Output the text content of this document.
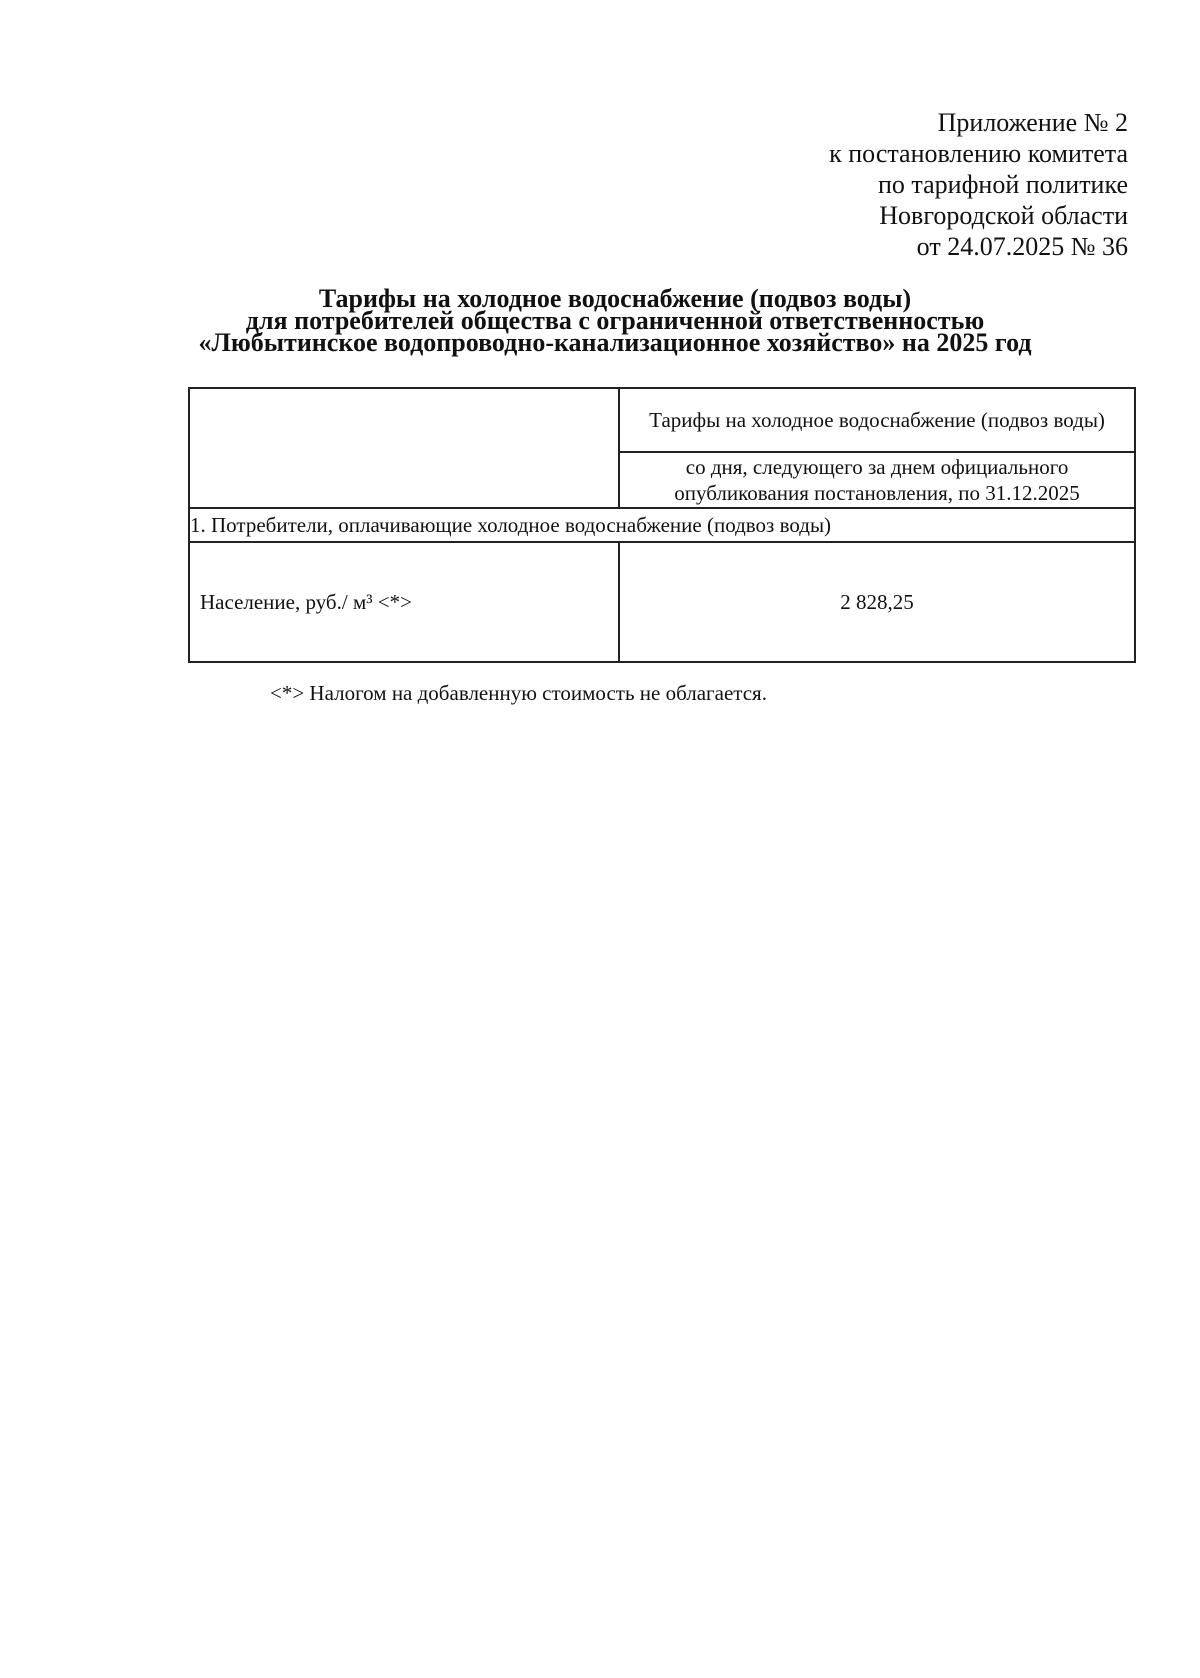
Приложение № 2
к постановлению комитета
по тарифной политике
Новгородской области
от 24.07.2025 № 36
Тарифы на холодное водоснабжение (подвоз воды)
для потребителей общества с ограниченной ответственностью
«Любытинское водопроводно-канализационное хозяйство» на 2025 год

	Тарифы на холодное водоснабжение (подвоз воды)

	со дня, следующего за днем официального опубликования постановления, по 31.12.2025

1. Потребители, оплачивающие холодное водоснабжение (подвоз воды)	
Население, руб./ м³ <*>	2 828,25
<*> Налогом на добавленную стоимость не облагается.
